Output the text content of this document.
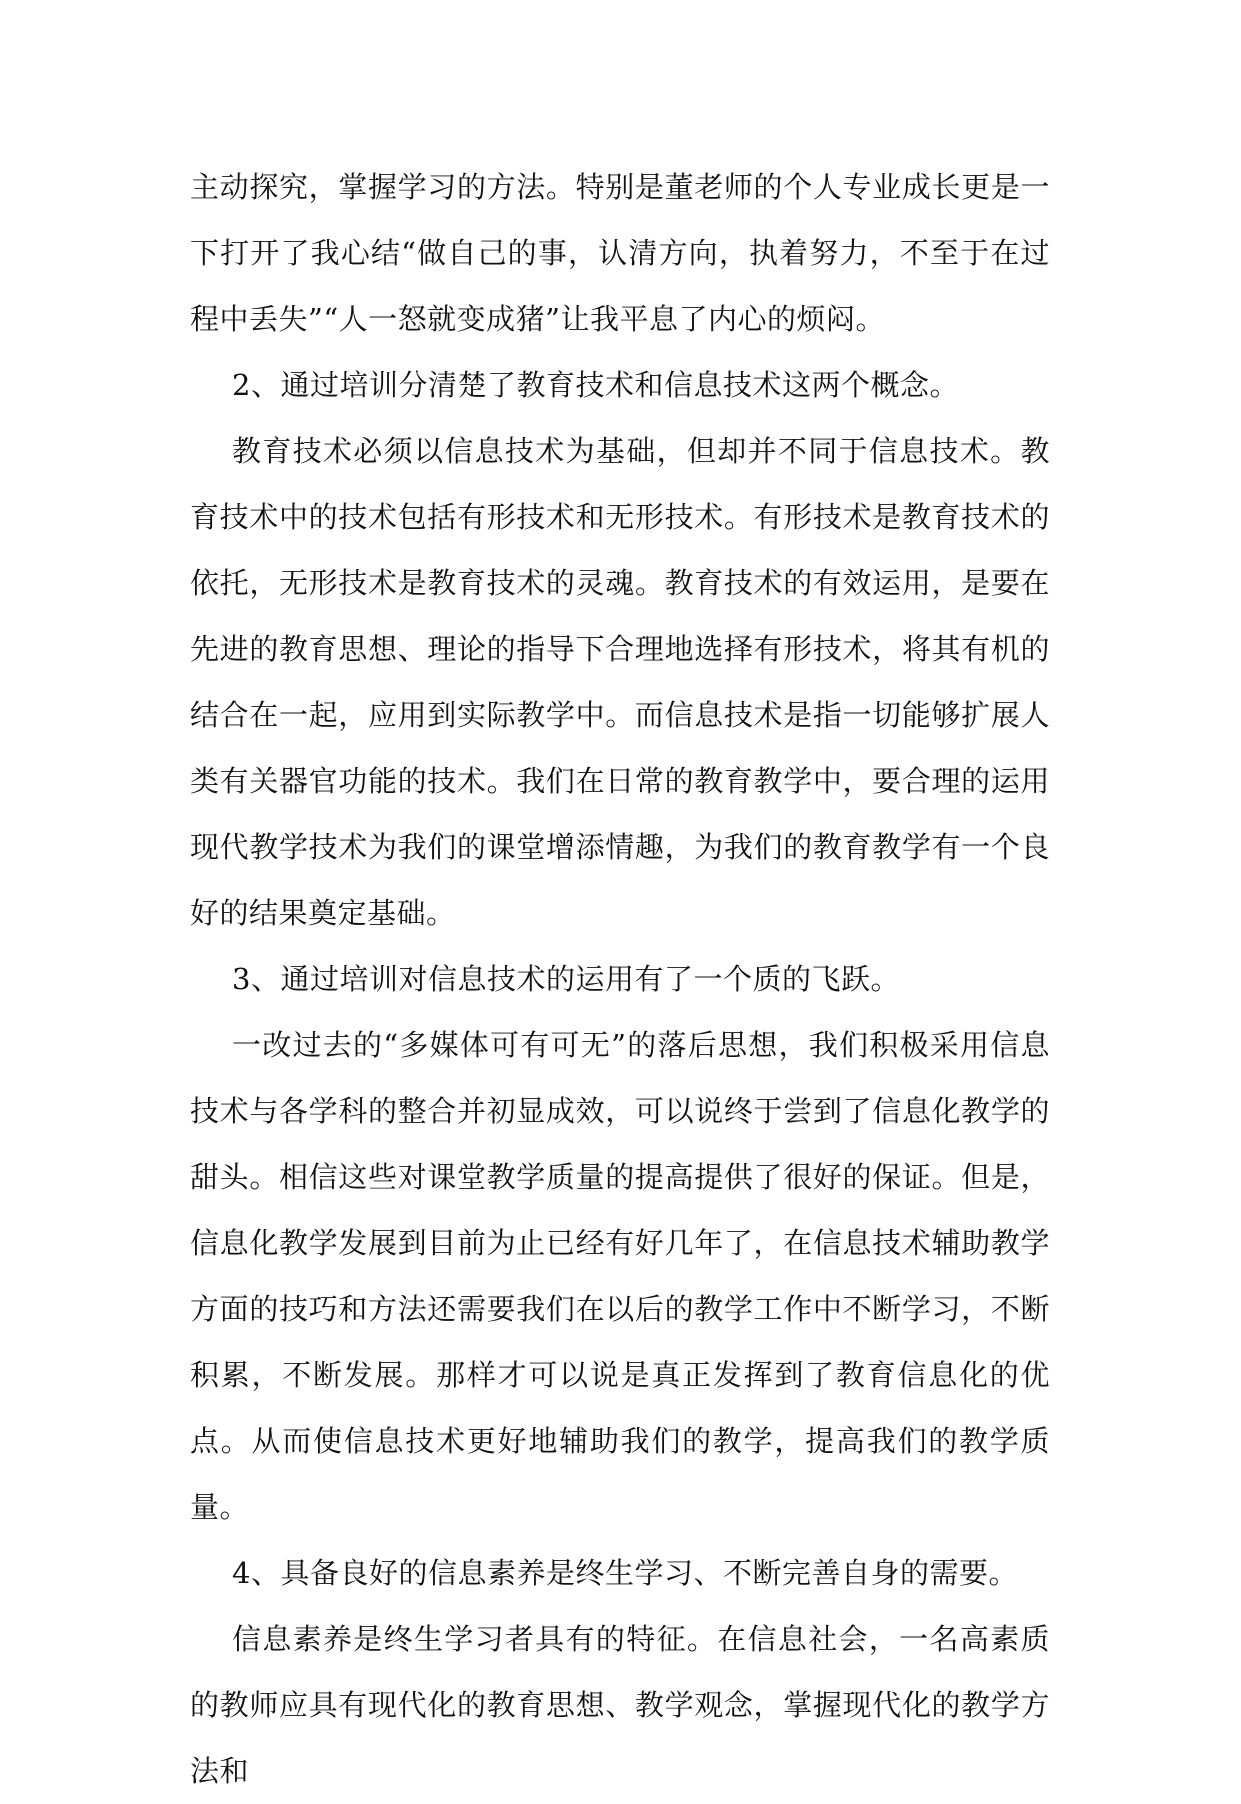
主动探究，掌握学习的方法。特别是董老师的个人专业成长更是一下打开了我心结“做自己的事，认清方向，执着努力，不至于在过程中丢失”“人一怒就变成猪”让我平息了内心的烦闷。

2、通过培训分清楚了教育技术和信息技术这两个概念。

教育技术必须以信息技术为基础，但却并不同于信息技术。教育技术中的技术包括有形技术和无形技术。有形技术是教育技术的依托，无形技术是教育技术的灵魂。教育技术的有效运用，是要在先进的教育思想、理论的指导下合理地选择有形技术，将其有机的结合在一起，应用到实际教学中。而信息技术是指一切能够扩展人类有关器官功能的技术。我们在日常的教育教学中，要合理的运用现代教学技术为我们的课堂增添情趣，为我们的教育教学有一个良好的结果奠定基础。

3、通过培训对信息技术的运用有了一个质的飞跃。

一改过去的“多媒体可有可无”的落后思想，我们积极采用信息技术与各学科的整合并初显成效，可以说终于尝到了信息化教学的甜头。相信这些对课堂教学质量的提高提供了很好的保证。但是，信息化教学发展到目前为止已经有好几年了，在信息技术辅助教学方面的技巧和方法还需要我们在以后的教学工作中不断学习，不断积累，不断发展。那样才可以说是真正发挥到了教育信息化的优点。从而使信息技术更好地辅助我们的教学，提高我们的教学质量。

4、具备良好的信息素养是终生学习、不断完善自身的需要。

信息素养是终生学习者具有的特征。在信息社会，一名高素质的教师应具有现代化的教育思想、教学观念，掌握现代化的教学方法和
